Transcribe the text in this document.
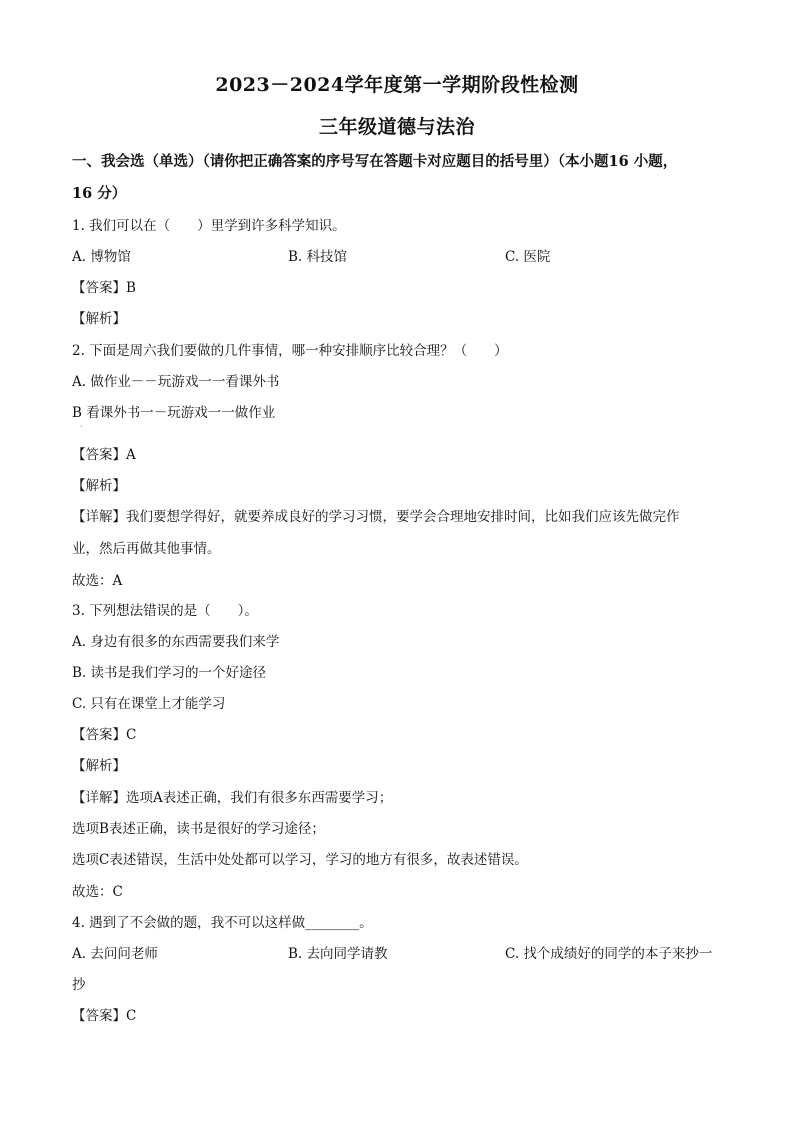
2023－2024学年度第一学期阶段性检测
三年级道德与法治
一、我会选（单选）（请你把正确答案的序号写在答题卡对应题目的括号里）（本小题16 小题，
16 分）
1. 我们可以在（　　）里学到许多科学知识。
A. 博物馆	B. 科技馆	C. 医院
【答案】B
【解析】
2. 下面是周六我们要做的几件事情，哪一种安排顺序比较合理？（　　）
A. 做作业－－玩游戏一一看课外书
B 看课外书一－玩游戏一一做作业
·
【答案】A
【解析】
【详解】我们要想学得好，就要养成良好的学习习惯，要学会合理地安排时间，比如我们应该先做完作
业，然后再做其他事情。
故选：A
3. 下列想法错误的是（　　）。
A. 身边有很多的东西需要我们来学
B. 读书是我们学习的一个好途径
C. 只有在课堂上才能学习
【答案】C
【解析】
【详解】选项A表述正确，我们有很多东西需要学习；
选项B表述正确，读书是很好的学习途径；
选项C表述错误，生活中处处都可以学习，学习的地方有很多，故表述错误。
故选：C
4. 遇到了不会做的题，我不可以这样做________。
A. 去问问老师	B. 去向同学请教	C. 找个成绩好的同学的本子来抄一
抄
【答案】C
